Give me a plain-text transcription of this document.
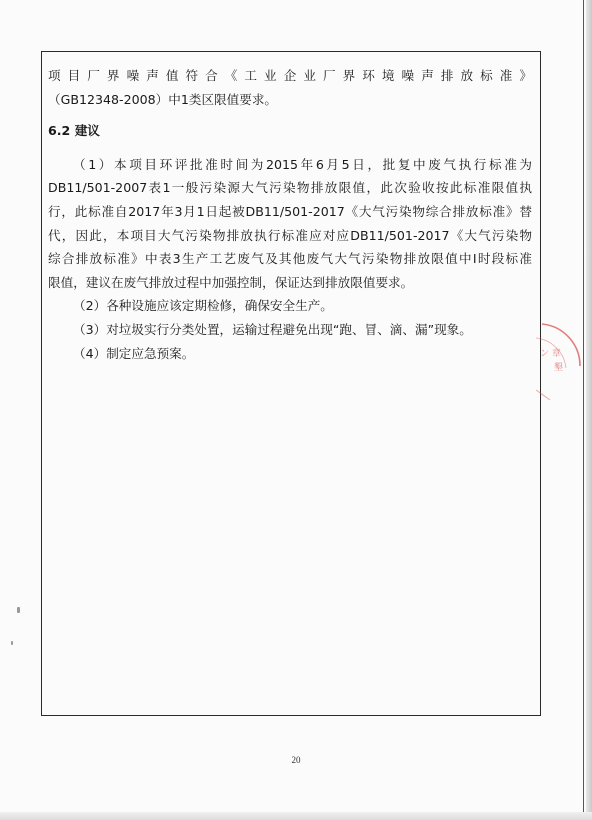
项目厂界噪声值符合《工业企业厂界环境噪声排放标准》
（GB12348-2008）中1类区限值要求。
6.2 建议
（1）本项目环评批准时间为2015年6月5日，批复中废气执行标准为
DB11/501-2007表1一般污染源大气污染物排放限值，此次验收按此标准限值执
行，此标准自2017年3月1日起被DB11/501-2017《大气污染物综合排放标准》替
代，因此，本项目大气污染物排放执行标准应对应DB11/501-2017《大气污染物
综合排放标准》中表3生产工艺废气及其他废气大气污染物排放限值中I时段标准
限值，建议在废气排放过程中加强控制，保证达到排放限值要求。
（2）各种设施应该定期检修，确保安全生产。
（3）对垃圾实行分类处置，运输过程避免出现“跑、冒、滴、漏”现象。
（4）制定应急预案。
20
ン 章
墾
